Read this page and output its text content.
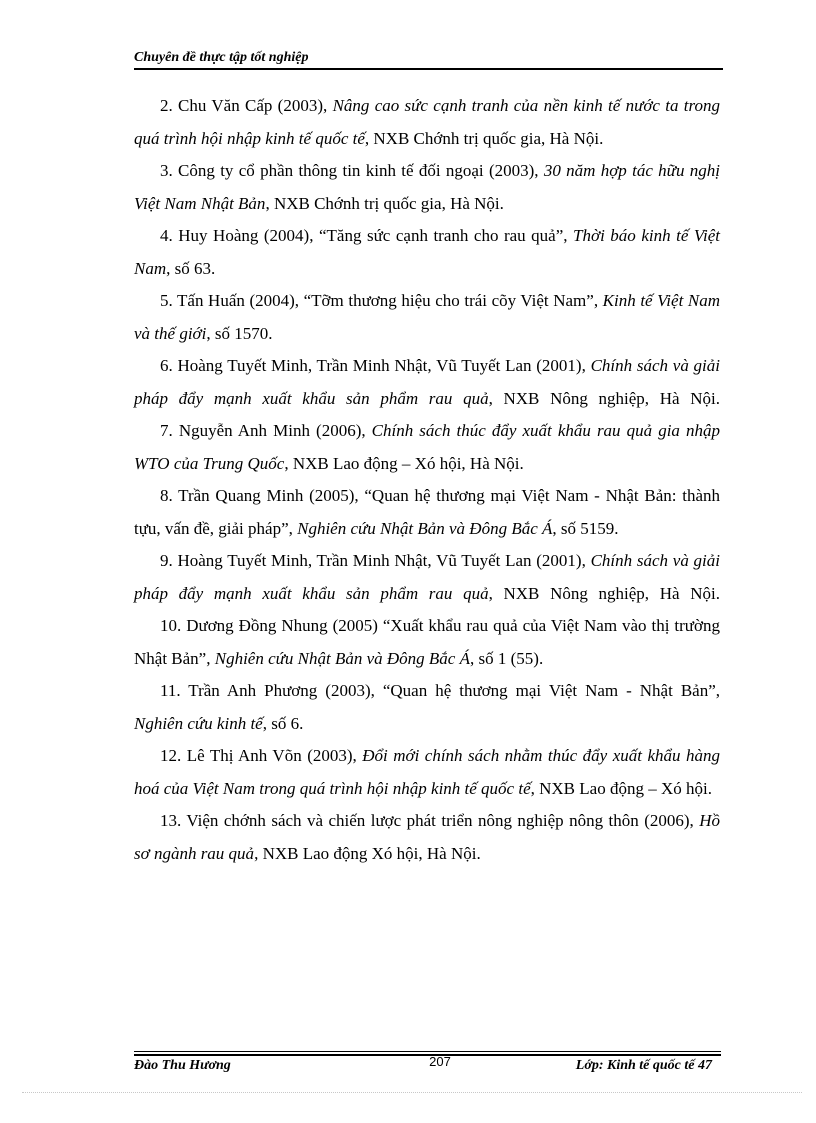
Chuyên đề thực tập tốt nghiệp

2. Chu Văn Cấp (2003), Nâng cao sức cạnh tranh của nền kinh tế nước ta trong quá trình hội nhập kinh tế quốc tế, NXB Chớnh trị quốc gia, Hà Nội.

3. Công ty cổ phần thông tin kinh tế đối ngoại (2003), 30 năm hợp tác hữu nghị Việt Nam Nhật Bản, NXB Chớnh trị quốc gia, Hà Nội.

4. Huy Hoàng (2004), “Tăng sức cạnh tranh cho rau quả”, Thời báo kinh tế Việt Nam, số 63.

5. Tấn Huấn (2004), “Tỡm thương hiệu cho trái cõy Việt Nam”, Kinh tế Việt Nam và thế giới, số 1570.

6. Hoàng Tuyết Minh, Trần Minh Nhật, Vũ Tuyết Lan (2001), Chính sách và giải pháp đẩy mạnh xuất khẩu sản phẩm rau quả, NXB Nông nghiệp, Hà Nội.

7. Nguyễn Anh Minh (2006), Chính sách thúc đẩy xuất khẩu rau quả gia nhập WTO của Trung Quốc, NXB Lao động – Xó hội, Hà Nội.

8. Trần Quang Minh (2005), “Quan hệ thương mại Việt Nam - Nhật Bản: thành tựu, vấn đề, giải pháp”, Nghiên cứu Nhật Bản và Đông Bắc Á, số 5159.

9. Hoàng Tuyết Minh, Trần Minh Nhật, Vũ Tuyết Lan (2001), Chính sách và giải pháp đẩy mạnh xuất khẩu sản phẩm rau quả, NXB Nông nghiệp, Hà Nội.

10. Dương Đồng Nhung (2005) “Xuất khẩu rau quả của Việt Nam vào thị trường Nhật Bản”, Nghiên cứu Nhật Bản và Đông Bắc Á, số 1 (55).

11. Trần Anh Phương (2003), “Quan hệ thương mại Việt Nam - Nhật Bản”, Nghiên cứu kinh tế, số 6.

12. Lê Thị Anh Võn (2003), Đổi mới chính sách nhằm thúc đẩy xuất khẩu hàng hoá của Việt Nam trong quá trình hội nhập kinh tế quốc tế, NXB Lao động – Xó hội.

13. Viện chớnh sách và chiến lược phát triển nông nghiệp nông thôn (2006), Hồ sơ ngành rau quả, NXB Lao động Xó hội, Hà Nội.

Đào Thu Hương	207	Lớp: Kinh tế quốc tế 47
